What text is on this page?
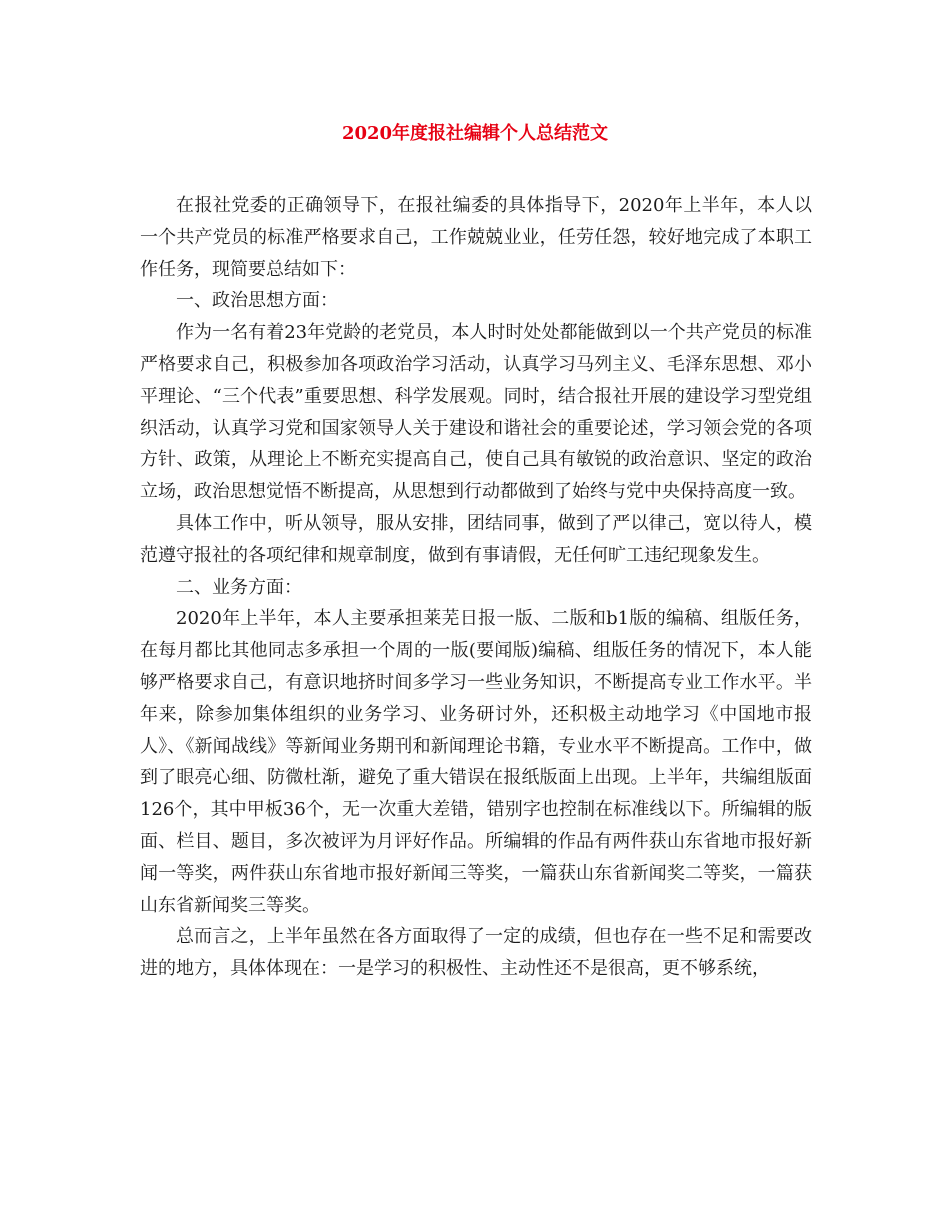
2020年度报社编辑个人总结范文

在报社党委的正确领导下，在报社编委的具体指导下，2020年上半年，本人以一个共产党员的标准严格要求自己，工作兢兢业业，任劳任怨，较好地完成了本职工作任务，现简要总结如下：

一、政治思想方面：

作为一名有着23年党龄的老党员，本人时时处处都能做到以一个共产党员的标准严格要求自己，积极参加各项政治学习活动，认真学习马列主义、毛泽东思想、邓小平理论、“三个代表”重要思想、科学发展观。同时，结合报社开展的建设学习型党组织活动，认真学习党和国家领导人关于建设和谐社会的重要论述，学习领会党的各项方针、政策，从理论上不断充实提高自己，使自己具有敏锐的政治意识、坚定的政治立场，政治思想觉悟不断提高，从思想到行动都做到了始终与党中央保持高度一致。

具体工作中，听从领导，服从安排，团结同事，做到了严以律己，宽以待人，模范遵守报社的各项纪律和规章制度，做到有事请假，无任何旷工违纪现象发生。

二、业务方面：

2020年上半年，本人主要承担莱芜日报一版、二版和b1版的编稿、组版任务，在每月都比其他同志多承担一个周的一版(要闻版)编稿、组版任务的情况下，本人能够严格要求自己，有意识地挤时间多学习一些业务知识，不断提高专业工作水平。半年来，除参加集体组织的业务学习、业务研讨外，还积极主动地学习《中国地市报人》、《新闻战线》等新闻业务期刊和新闻理论书籍，专业水平不断提高。工作中，做到了眼亮心细、防微杜渐，避免了重大错误在报纸版面上出现。上半年，共编组版面126个，其中甲板36个，无一次重大差错，错别字也控制在标准线以下。所编辑的版面、栏目、题目，多次被评为月评好作品。所编辑的作品有两件获山东省地市报好新闻一等奖，两件获山东省地市报好新闻三等奖，一篇获山东省新闻奖二等奖，一篇获山东省新闻奖三等奖。

总而言之，上半年虽然在各方面取得了一定的成绩，但也存在一些不足和需要改进的地方，具体体现在：一是学习的积极性、主动性还不是很高，更不够系统，
